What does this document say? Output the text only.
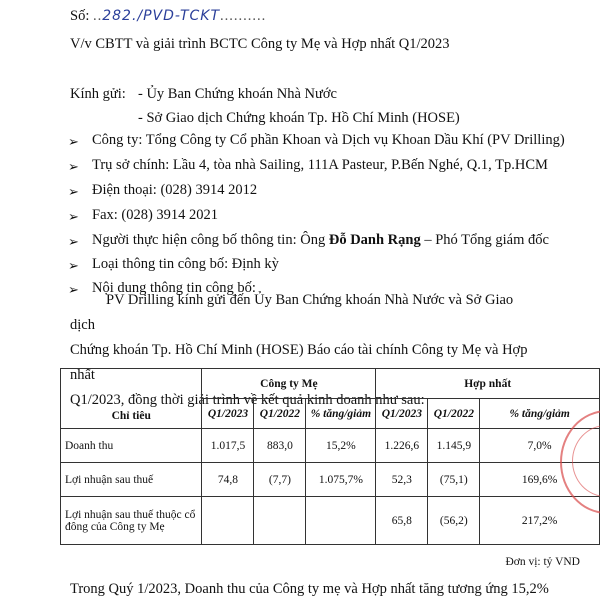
Số: ..282./PVD-TCKT..........
V/v CBTT và giải trình BCTC Công ty Mẹ và Hợp nhất Q1/2023
Kính gửi: - Ủy Ban Chứng khoán Nhà Nước
- Sở Giao dịch Chứng khoán Tp. Hồ Chí Minh (HOSE)
➢ Công ty: Tổng Công ty Cổ phần Khoan và Dịch vụ Khoan Dầu Khí (PV Drilling)
➢ Trụ sở chính: Lầu 4, tòa nhà Sailing, 111A Pasteur, P.Bến Nghé, Q.1, Tp.HCM
➢ Điện thoại: (028) 3914 2012
➢ Fax: (028) 3914 2021
➢ Người thực hiện công bố thông tin: Ông Đỗ Danh Rạng – Phó Tổng giám đốc
➢ Loại thông tin công bố: Định kỳ
➢ Nội dung thông tin công bố:
PV Drilling kính gửi đến Ủy Ban Chứng khoán Nhà Nước và Sở Giao dịch
Chứng khoán Tp. Hồ Chí Minh (HOSE) Báo cáo tài chính Công ty Mẹ và Hợp nhất
Q1/2023, đồng thời giải trình về kết quả kinh doanh như sau:
Chỉ tiêu	Công ty Mẹ			Hợp nhất		
	Q1/2023	Q1/2022	% tăng/giảm	Q1/2023	Q1/2022	% tăng/giảm
Doanh thu	1.017,5	883,0	15,2%	1.226,6	1.145,9	7,0%
Lợi nhuận sau thuế	74,8	(7,7)	1.075,7%	52,3	(75,1)	169,6%

Lợi nhuận sau thuế thuộc cổ
đông của Công ty Mẹ				65,8	(56,2)	217,2%
Đơn vị: tỷ VND
Trong Quý 1/2023, Doanh thu của Công ty mẹ và Hợp nhất tăng tương ứng 15,2%
